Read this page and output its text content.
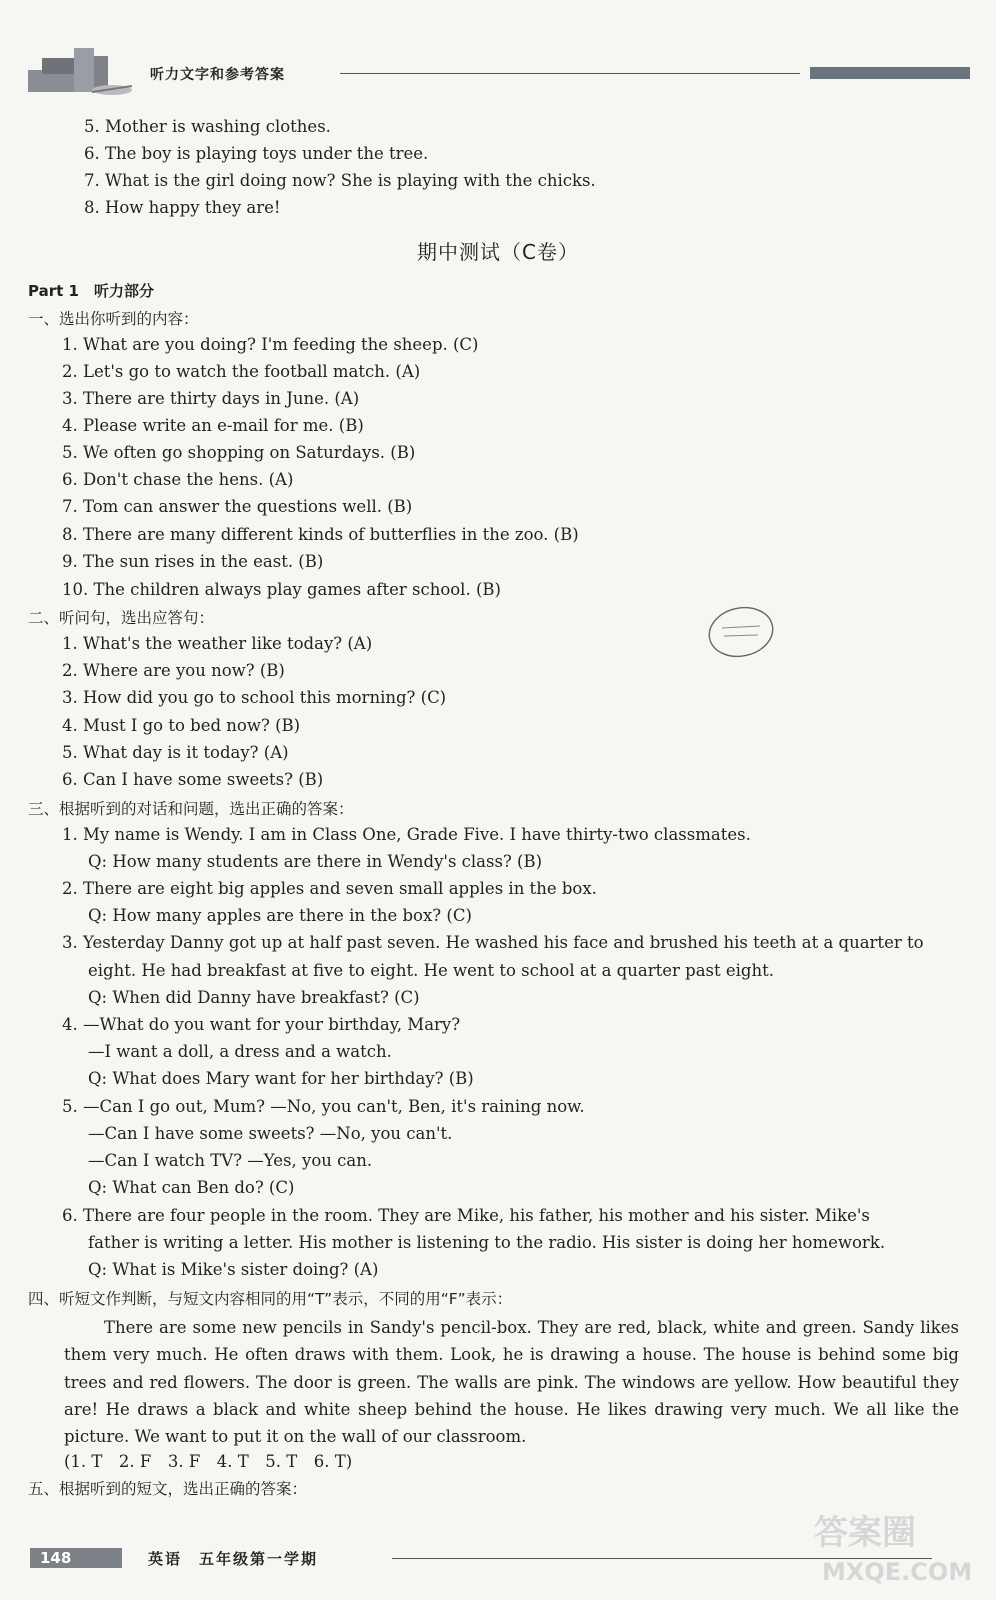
听力文字和参考答案
5. Mother is washing clothes.
6. The boy is playing toys under the tree.
7. What is the girl doing now? She is playing with the chicks.
8. How happy they are!
期中测试（C卷）
Part 1　听力部分
一、选出你听到的内容：
1. What are you doing? I'm feeding the sheep. (C)
2. Let's go to watch the football match. (A)
3. There are thirty days in June. (A)
4. Please write an e-mail for me. (B)
5. We often go shopping on Saturdays. (B)
6. Don't chase the hens. (A)
7. Tom can answer the questions well. (B)
8. There are many different kinds of butterflies in the zoo. (B)
9. The sun rises in the east. (B)
10. The children always play games after school. (B)
二、听问句，选出应答句：
1. What's the weather like today? (A)
2. Where are you now? (B)
3. How did you go to school this morning? (C)
4. Must I go to bed now? (B)
5. What day is it today? (A)
6. Can I have some sweets? (B)
三、根据听到的对话和问题，选出正确的答案：
1. My name is Wendy. I am in Class One, Grade Five. I have thirty-two classmates.
Q: How many students are there in Wendy's class? (B)
2. There are eight big apples and seven small apples in the box.
Q: How many apples are there in the box? (C)
3. Yesterday Danny got up at half past seven. He washed his face and brushed his teeth at a quarter to
eight. He had breakfast at five to eight. He went to school at a quarter past eight.
Q: When did Danny have breakfast? (C)
4. —What do you want for your birthday, Mary?
—I want a doll, a dress and a watch.
Q: What does Mary want for her birthday? (B)
5. —Can I go out, Mum? —No, you can't, Ben, it's raining now.
—Can I have some sweets? —No, you can't.
—Can I watch TV? —Yes, you can.
Q: What can Ben do? (C)
6. There are four people in the room. They are Mike, his father, his mother and his sister. Mike's
father is writing a letter. His mother is listening to the radio. His sister is doing her homework.
Q: What is Mike's sister doing? (A)
四、听短文作判断，与短文内容相同的用“T”表示，不同的用“F”表示：
There are some new pencils in Sandy's pencil-box. They are red, black, white and green. Sandy likes them very much. He often draws with them. Look, he is drawing a house. The house is behind some big trees and red flowers. The door is green. The walls are pink. The windows are yellow. How beautiful they are! He draws a black and white sheep behind the house. He likes drawing very much. We all like the picture. We want to put it on the wall of our classroom.
(1. T　2. F　3. F　4. T　5. T　6. T)
五、根据听到的短文，选出正确的答案：
148	英语　五年级第一学期
答案圈
MXQE.COM
